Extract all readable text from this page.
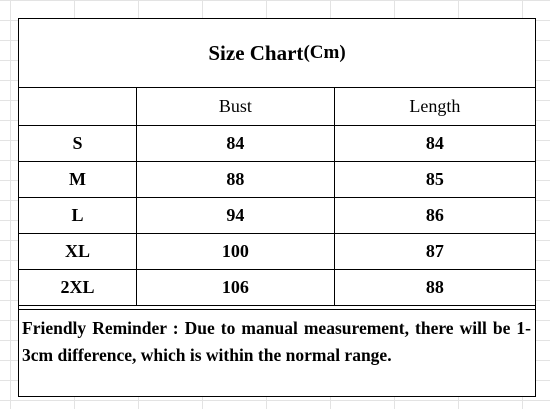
Size Chart (Cm)
	Bust	Length
S	84	84
M	88	85
L	94	86
XL	100	87
2XL	106	88
Friendly Reminder : Due to manual measurement, there will be 1- 3cm difference, which is within the normal range.
